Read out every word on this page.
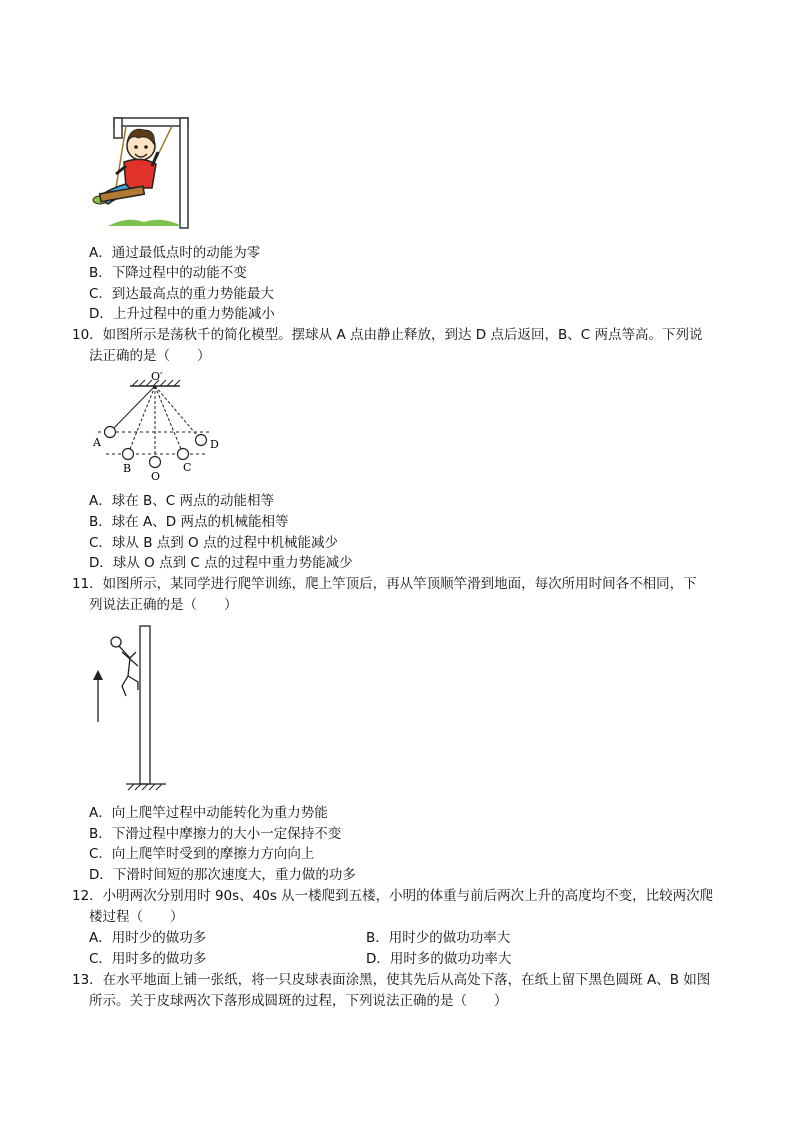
A．通过最低点时的动能为零
B．下降过程中的动能不变
C．到达最高点的重力势能最大
D．上升过程中的重力势能减小
10．如图所示是荡秋千的简化模型。摆球从 A 点由静止释放，到达 D 点后返回，B、C 两点等高。下列说
法正确的是（　　）
O′
A
B
O
C
D
A．球在 B、C 两点的动能相等
B．球在 A、D 两点的机械能相等
C．球从 B 点到 O 点的过程中机械能减少
D．球从 O 点到 C 点的过程中重力势能减少
11．如图所示，某同学进行爬竿训练，爬上竿顶后，再从竿顶顺竿滑到地面，每次所用时间各不相同，下
列说法正确的是（　　）
A．向上爬竿过程中动能转化为重力势能
B．下滑过程中摩擦力的大小一定保持不变
C．向上爬竿时受到的摩擦力方向向上
D．下滑时间短的那次速度大，重力做的功多
12．小明两次分别用时 90s、40s 从一楼爬到五楼，小明的体重与前后两次上升的高度均不变，比较两次爬
楼过程（　　）
A．用时少的做功多	B．用时少的做功功率大
C．用时多的做功多	D．用时多的做功功率大
13．在水平地面上铺一张纸，将一只皮球表面涂黑，使其先后从高处下落，在纸上留下黑色圆斑 A、B 如图
所示。关于皮球两次下落形成圆斑的过程，下列说法正确的是（　　）
